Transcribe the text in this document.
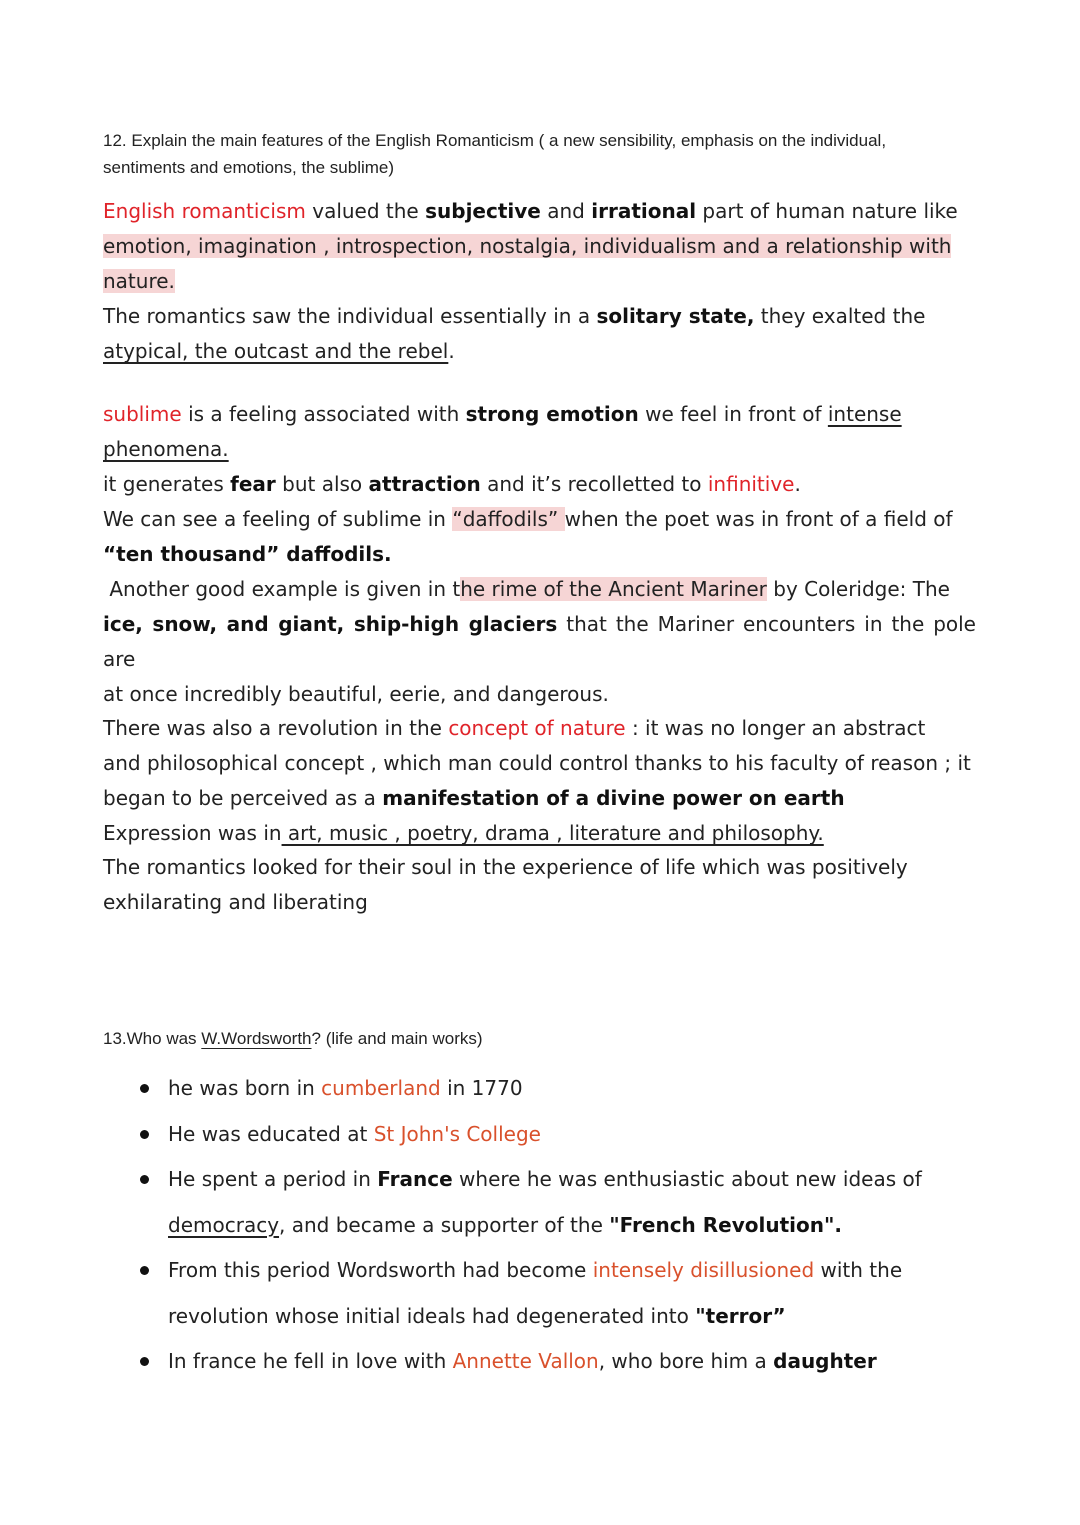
12. Explain the main features of the English Romanticism ( a new sensibility, emphasis on the individual,
sentiments and emotions, the sublime)
English romanticism valued the subjective and irrational part of human nature like
emotion, imagination , introspection, nostalgia, individualism and a relationship with
nature.
The romantics saw the individual essentially in a solitary state, they exalted the
atypical, the outcast and the rebel.
sublime is a feeling associated with strong emotion we feel in front of intense
phenomena.
it generates fear but also attraction and it’s recolletted to infinitive.
We can see a feeling of sublime in “daffodils” when the poet was in front of a field of
“ten thousand” daffodils.
Another good example is given in the rime of the Ancient Mariner by Coleridge: The
ice, snow, and giant, ship-high glaciers that the Mariner encounters in the pole are
at once incredibly beautiful, eerie, and dangerous.
There was also a revolution in the concept of nature : it was no longer an abstract
and philosophical concept , which man could control thanks to his faculty of reason ; it
began to be perceived as a manifestation of a divine power on earth
Expression was in art, music , poetry, drama , literature and philosophy.
The romantics looked for their soul in the experience of life which was positively
exhilarating and liberating
13.Who was W.Wordsworth? (life and main works)
he was born in cumberland in 1770
He was educated at St John's College
He spent a period in France where he was enthusiastic about new ideas of
democracy, and became a supporter of the "French Revolution".
From this period Wordsworth had become intensely disillusioned with the
revolution whose initial ideals had degenerated into "terror”
In france he fell in love with Annette Vallon, who bore him a daughter
